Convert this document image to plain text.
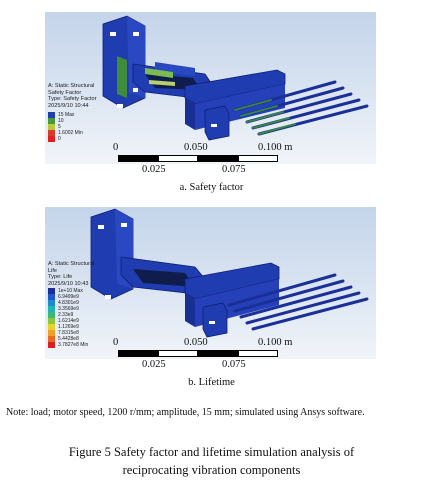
A: Static Structural
Safety Factor
Type: Safety Factor
2025/9/10 10:44
15 Max
10
5
1.6002 Min
0
0	0.050	0.100 m
0.025	0.075
a. Safety factor
A: Static Structural
Life
Type: Life
2025/9/10 10:43
1e+10 Max
6.9499e9
4.8301e9
3.3569e9
2.33e9
1.6214e9
1.1269e9
7.8315e8
5.4428e8
3.7827e8 Min 0	0.050	0.100 m
0.025	0.075
b. Lifetime
Note: load; motor speed, 1200 r/mm; amplitude, 15 mm; simulated using Ansys software.
Figure 5 Safety factor and lifetime simulation analysis of
reciprocating vibration components
